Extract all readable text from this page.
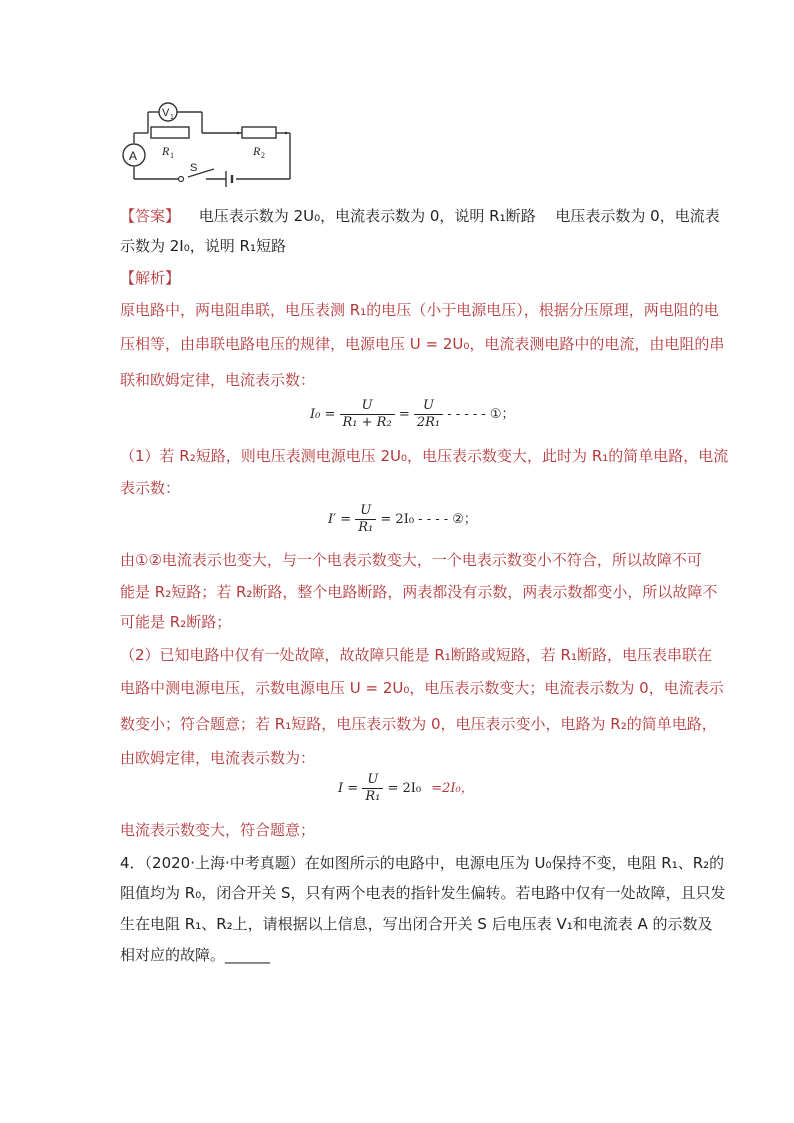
A
V 1
R 1	R 2
S
【答案】 电压表示数为 2U₀，电流表示数为 0，说明 R₁断路　 电压表示数为 0，电流表
示数为 2I₀，说明 R₁短路
【解析】
原电路中，两电阻串联，电压表测 R₁的电压（小于电源电压），根据分压原理，两电阻的电
压相等，由串联电路电压的规律，电源电压 U = 2U₀，电流表测电路中的电流，由电阻的串
联和欧姆定律，电流表示数：
$I_0 = \frac{U}{\text{R₁ + R₂}} = \frac{U}{\text{2R₁}}$ - - - - - ①；
（1）若 R₂短路，则电压表测电源电压 2U₀，电压表示数变大，此时为 R₁的简单电路，电流
表示数：
$I' = \frac{U}{\text{R₁}} = 2I_0$ - - - - ②；
由①②电流表示也变大，与一个电表示数变大，一个电表示数变小不符合，所以故障不可
能是 R₂短路；若 R₂断路，整个电路断路，两表都没有示数，两表示数都变小，所以故障不
可能是 R₂断路；
（2）已知电路中仅有一处故障，故故障只能是 R₁断路或短路，若 R₁断路，电压表串联在
电路中测电源电压，示数电源电压 U = 2U₀，电压表示数变大；电流表示数为 0，电流表示
数变小；符合题意；若 R₁短路，电压表示数为 0，电压表示变小，电路为 R₂的简单电路，
由欧姆定律，电流表示数为：
$I = \frac{U}{\text{R₁}} = 2I_0 =2I_0$，
电流表示数变大，符合题意；
4．（2020·上海·中考真题）在如图所示的电路中，电源电压为 U₀保持不变，电阻 R₁、R₂的
阻值均为 R₀，闭合开关 S，只有两个电表的指针发生偏转。若电路中仅有一处故障，且只发
生在电阻 R₁、R₂上，请根据以上信息，写出闭合开关 S 后电压表 V₁和电流表 A 的示数及
相对应的故障。______
